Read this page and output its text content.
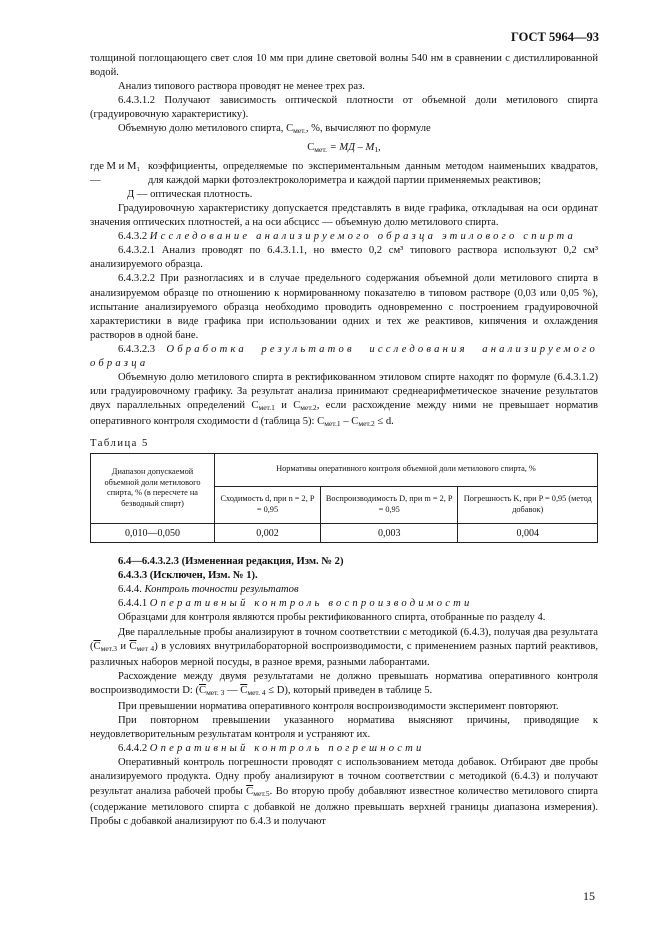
ГОСТ 5964—93

толщиной поглощающего свет слоя 10 мм при длине световой волны 540 нм в сравнении с дистиллированной водой.

Анализ типового раствора проводят не менее трех раз.

6.4.3.1.2 Получают зависимость оптической плотности от объемной доли метилового спирта (градуировочную характеристику).

Объемную долю метилового спирта, $С_{мет.}$, %, вычисляют по формуле

$С_{мет.}$ = МД – $М_1$,
где М и М₁ —
коэффициенты, определяемые по экспериментальным данным методом наименьших квадратов, для каждой марки фотоэлектроколориметра и каждой партии применяемых реактивов;

Д — оптическая плотность.

Градуировочную характеристику допускается представлять в виде графика, откладывая на оси ординат значения оптических плотностей, а на оси абсцисс — объемную долю метилового спирта.

6.4.3.2 Исследование анализируемого образца этилового спирта

6.4.3.2.1 Анализ проводят по 6.4.3.1.1, но вместо 0,2 см³ типового раствора используют 0,2 см³ анализируемого образца.

6.4.3.2.2 При разногласиях и в случае предельного содержания объемной доли метилового спирта в анализируемом образце по отношению к нормированному показателю в типовом растворе (0,03 или 0,05 %), испытание анализируемого образца необходимо проводить одновременно с построением градуировочной характеристики в виде графика при использовании одних и тех же реактивов, кипячения и охлаждения растворов в одной бане.

6.4.3.2.3 Обработка результатов исследования анализируемого образца

Объемную долю метилового спирта в ректификованном этиловом спирте находят по формуле (6.4.3.1.2) или градуировочному графику. За результат анализа принимают среднеарифметическое значение результатов двух параллельных определений $С_{мет.1}$ и $С_{мет.2}$, если расхождение между ними не превышает норматив оперативного контроля сходимости d (таблица 5): $С_{мет.1} - С_{мет.2} \le d$.

Таблица 5
Диапазон допускаемой объемной доли метилового спирта, % (в пересчете на безводный спирт)	Нормативы оперативного контроля объемной доли метилового спирта, %		
	Сходимость d, при n = 2, P = 0,95	Воспроизводимость D, при m = 2, P = 0,95	Погрешность K, при P = 0,95 (метод добавок)
0,010—0,050	0,002	0,003	0,004

6.4—6.4.3.2.3 (Измененная редакция, Изм. № 2)

6.4.3.3 (Исключен, Изм. № 1).

6.4.4. Контроль точности результатов

6.4.4.1 Оперативный контроль воспроизводимости

Образцами для контроля являются пробы ректификованного спирта, отобранные по разделу 4.

Две параллельные пробы анализируют в точном соответствии с методикой (6.4.3), получая два результата ($С_{мет.3}$ и $С_{мет 4}$) в условиях внутрилабораторной воспроизводимости, с применением разных партий реактивов, различных наборов мерной посуды, в разное время, разными лаборантами.

Расхождение между двумя результатами не должно превышать норматива оперативного контроля воспроизводимости D: ($С_{мет. 3}$ — $С_{мет. 4} \le D$), который приведен в таблице 5.

При превышении норматива оперативного контроля воспроизводимости эксперимент повторяют.

При повторном превышении указанного норматива выясняют причины, приводящие к неудовлетворительным результатам контроля и устраняют их.

6.4.4.2 Оперативный контроль погрешности

Оперативный контроль погрешности проводят с использованием метода добавок. Отбирают две пробы анализируемого продукта. Одну пробу анализируют в точном соответствии с методикой (6.4.3) и получают результат анализа рабочей пробы $С_{мет.5}$. Во вторую пробу добавляют известное количество метилового спирта (содержание метилового спирта с добавкой не должно превышать верхней границы диапазона измерения). Пробы с добавкой анализируют по 6.4.3 и получают

15
